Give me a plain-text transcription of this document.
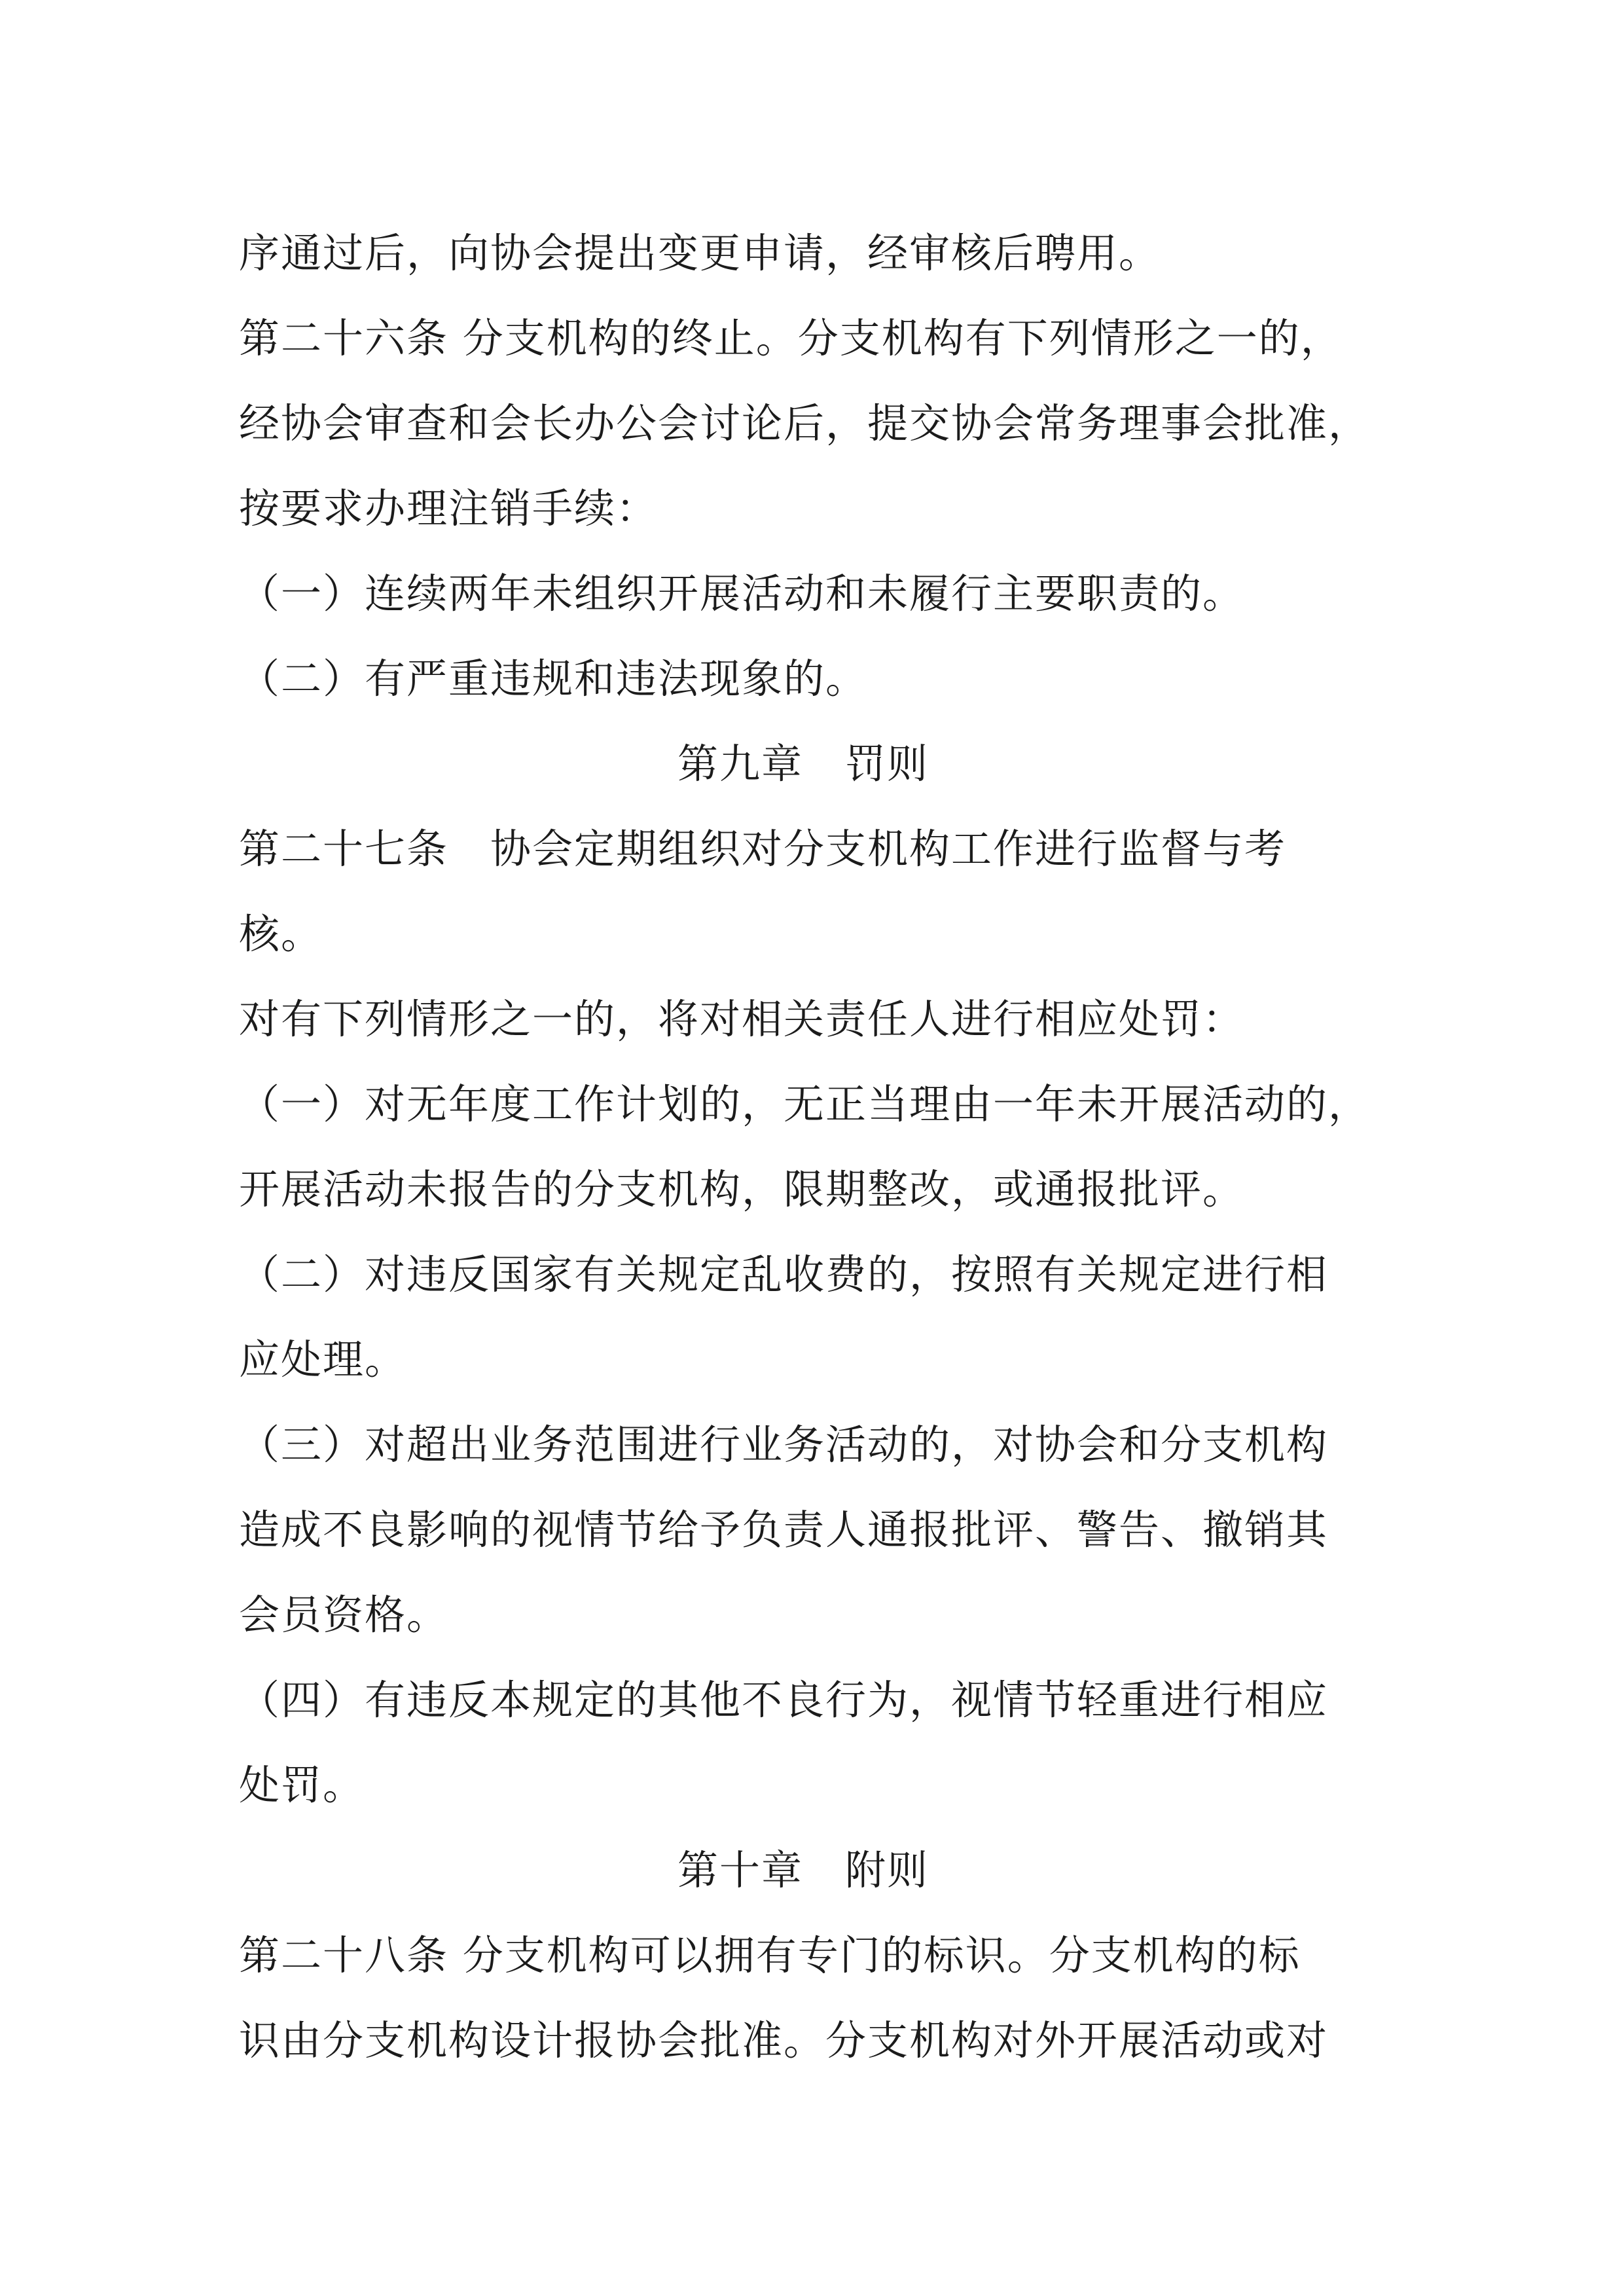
序通过后，向协会提出变更申请，经审核后聘用。
第二十六条 分支机构的终止。分支机构有下列情形之一的，
经协会审查和会长办公会讨论后，提交协会常务理事会批准，
按要求办理注销手续：
（一）连续两年未组织开展活动和未履行主要职责的。
（二）有严重违规和违法现象的。
第九章　罚则
第二十七条　协会定期组织对分支机构工作进行监督与考
核。
对有下列情形之一的，将对相关责任人进行相应处罚：
（一）对无年度工作计划的，无正当理由一年未开展活动的，
开展活动未报告的分支机构，限期整改，或通报批评。
（二）对违反国家有关规定乱收费的，按照有关规定进行相
应处理。
（三）对超出业务范围进行业务活动的，对协会和分支机构
造成不良影响的视情节给予负责人通报批评、警告、撤销其
会员资格。
（四）有违反本规定的其他不良行为，视情节轻重进行相应
处罚。
第十章　附则
第二十八条 分支机构可以拥有专门的标识。分支机构的标
识由分支机构设计报协会批准。分支机构对外开展活动或对
